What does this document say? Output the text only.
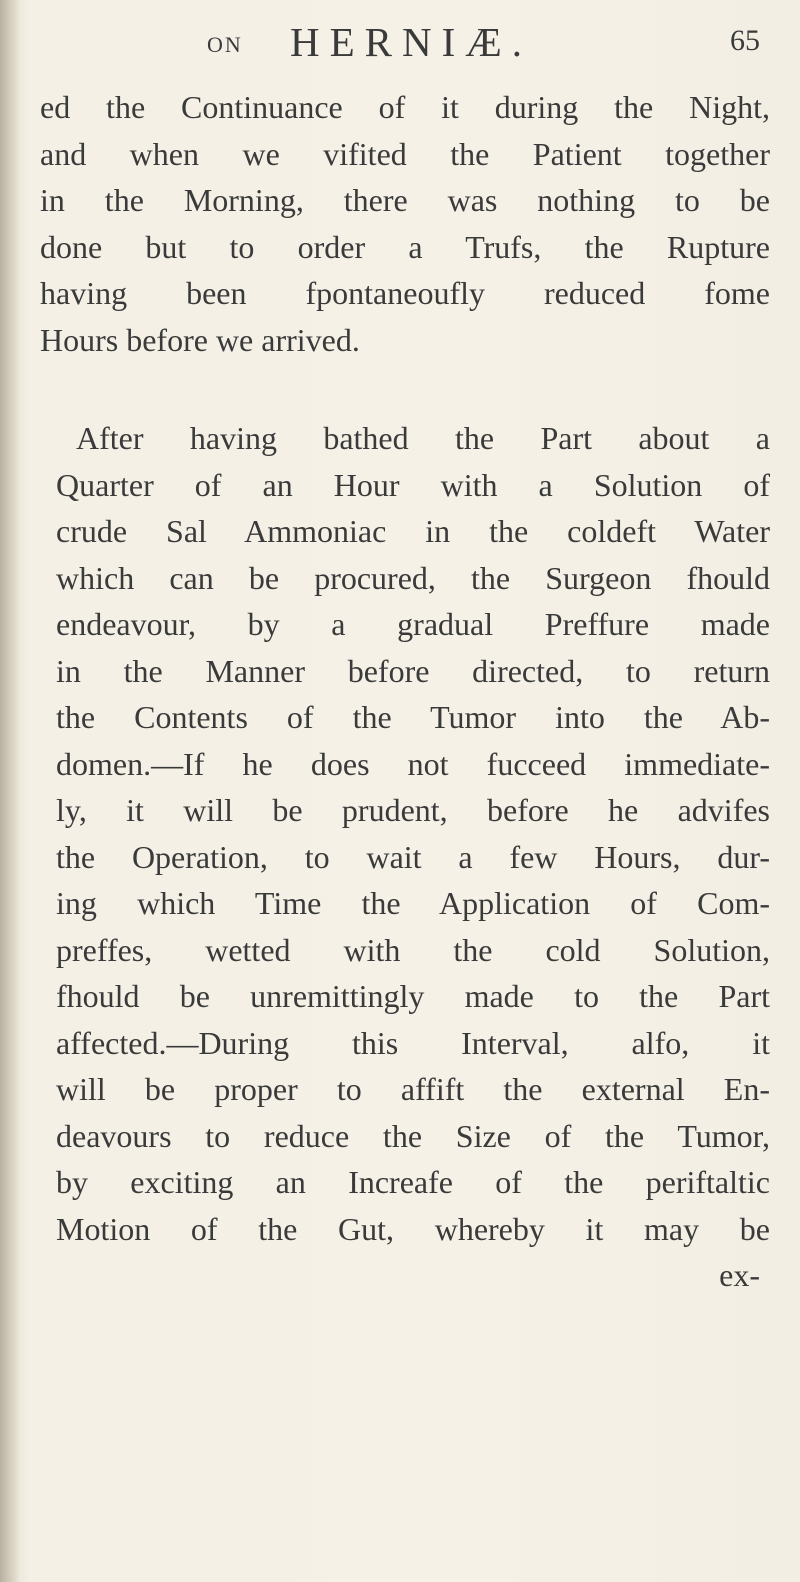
ON HERNIÆ.	65
ed the Continuance of it during the Night,
and when we vifited the Patient together
in the Morning, there was nothing to be
done but to order a Trufs, the Rupture
having been fpontaneoufly reduced fome
Hours before we arrived.
After having bathed the Part about a
Quarter of an Hour with a Solution of
crude Sal Ammoniac in the coldeft Water
which can be procured, the Surgeon fhould
endeavour, by a gradual Preffure made
in the Manner before directed, to return
the Contents of the Tumor into the Ab-
domen.—If he does not fucceed immediate-
ly, it will be prudent, before he advifes
the Operation, to wait a few Hours, dur-
ing which Time the Application of Com-
preffes, wetted with the cold Solution,
fhould be unremittingly made to the Part
affected.—During this Interval, alfo, it
will be proper to affift the external En-
deavours to reduce the Size of the Tumor,
by exciting an Increafe of the periftaltic
Motion of the Gut, whereby it may be
ex-
